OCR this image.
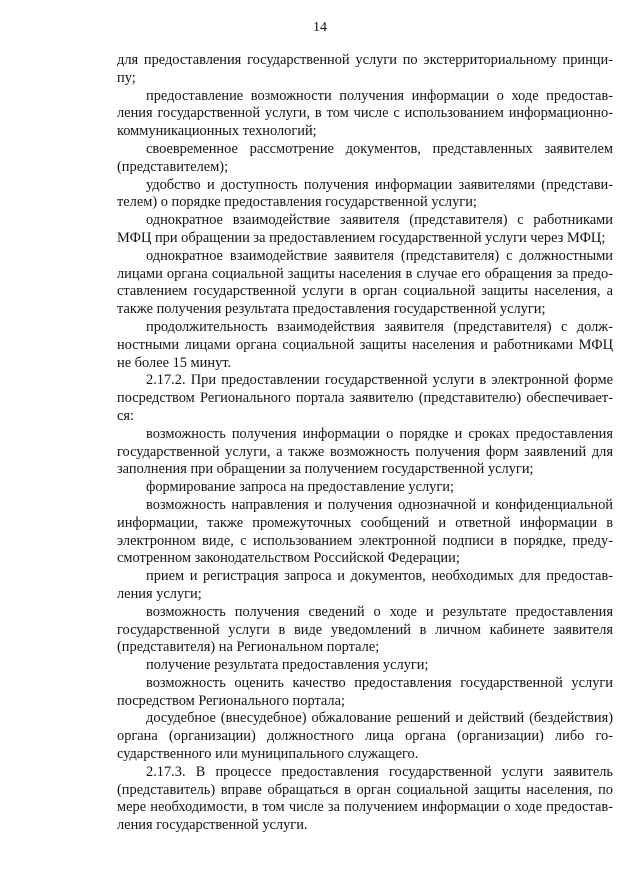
14

для предоставления государственной услуги по экстерриториальному принципу;

предоставление возможности получения информации о ходе предоставления государственной услуги, в том числе с использованием информационно-коммуникационных технологий;

своевременное рассмотрение документов, представленных заявителем (представителем);

удобство и доступность получения информации заявителями (представителем) о порядке предоставления государственной услуги;

однократное взаимодействие заявителя (представителя) с работниками МФЦ при обращении за предоставлением государственной услуги через МФЦ;

однократное взаимодействие заявителя (представителя) с должностными лицами органа социальной защиты населения в случае его обращения за предоставлением государственной услуги в орган социальной защиты населения, а также получения результата предоставления государственной услуги;

продолжительность взаимодействия заявителя (представителя) с должностными лицами органа социальной защиты населения и работниками МФЦ не более 15 минут.

2.17.2. При предоставлении государственной услуги в электронной форме посредством Регионального портала заявителю (представителю) обеспечивается:

возможность получения информации о порядке и сроках предоставления государственной услуги, а также возможность получения форм заявлений для заполнения при обращении за получением государственной услуги;

формирование запроса на предоставление услуги;

возможность направления и получения однозначной и конфиденциальной информации, также промежуточных сообщений и ответной информации в электронном виде, с использованием электронной подписи в порядке, предусмотренном законодательством Российской Федерации;

прием и регистрация запроса и документов, необходимых для предоставления услуги;

возможность получения сведений о ходе и результате предоставления государственной услуги в виде уведомлений в личном кабинете заявителя (представителя) на Региональном портале;

получение результата предоставления услуги;

возможность оценить качество предоставления государственной услуги посредством Регионального портала;

досудебное (внесудебное) обжалование решений и действий (бездействия) органа (организации) должностного лица органа (организации) либо государственного или муниципального служащего.

2.17.3. В процессе предоставления государственной услуги заявитель (представитель) вправе обращаться в орган социальной защиты населения, по мере необходимости, в том числе за получением информации о ходе предоставления государственной услуги.
